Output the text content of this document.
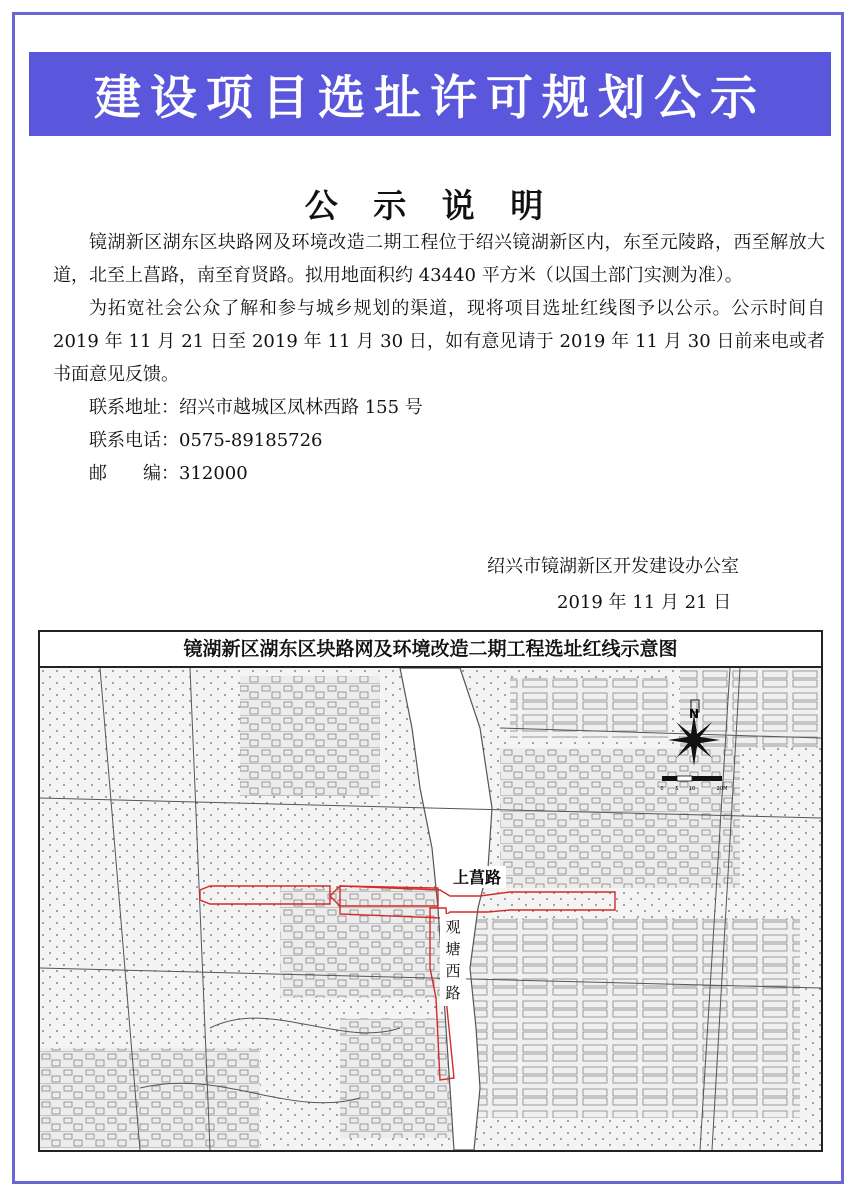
建设项目选址许可规划公示
公 示 说 明

镜湖新区湖东区块路网及环境改造二期工程位于绍兴镜湖新区内，东至元陵路，西至解放大道，北至上菖路，南至育贤路。拟用地面积约 43440 平方米（以国土部门实测为准）。

为拓宽社会公众了解和参与城乡规划的渠道，现将项目选址红线图予以公示。公示时间自 2019 年 11 月 21 日至 2019 年 11 月 30 日，如有意见请于 2019 年 11 月 30 日前来电或者书面意见反馈。

联系地址：绍兴市越城区凤林西路 155 号
联系电话：0575-89185726
邮　　编：312000
绍兴市镜湖新区开发建设办公室
2019 年 11 月 21 日
镜湖新区湖东区块路网及环境改造二期工程选址红线示意图
N
0 5 10	20M
上菖路
观
塘
西
路
